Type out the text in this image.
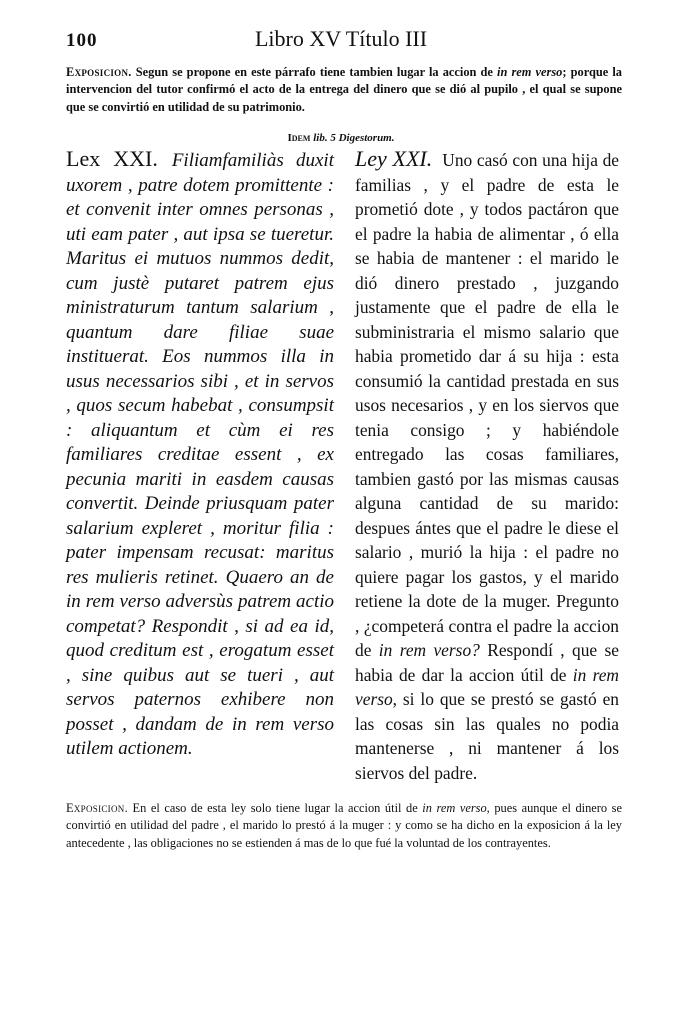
100	Libro XV Título III
Exposicion. Segun se propone en este párrafo tiene tambien lugar la accion de in rem verso; porque la intervencion del tutor confirmó el acto de la entrega del dinero que se dió al pupilo , el qual se supone que se convirtió en utilidad de su patrimonio.
Idem lib. 5 Digestorum.

Lex XXI. Filiamfamiliàs duxit uxorem , patre dotem promittente : et convenit inter omnes personas , uti eam pater , aut ipsa se tueretur. Maritus ei mutuos nummos dedit, cum justè putaret patrem ejus ministraturum tantum salarium , quantum dare filiae suae instituerat. Eos nummos illa in usus necessarios sibi , et in servos , quos secum habebat , consumpsit : aliquantum et cùm ei res familiares creditae essent , ex pecunia mariti in easdem causas convertit. Deinde priusquam pater salarium expleret , moritur filia : pater impensam recusat: maritus res mulieris retinet. Quaero an de in rem verso adversùs patrem actio competat? Respondit , si ad ea id, quod creditum est , erogatum esset , sine quibus aut se tueri , aut servos paternos exhibere non posset , dandam de in rem verso utilem actionem.

Ley XXI. Uno casó con una hija de familias , y el padre de esta le prometió dote , y todos pactáron que el padre la habia de alimentar , ó ella se habia de mantener : el marido le dió dinero prestado , juzgando justamente que el padre de ella le subministraria el mismo salario que habia prometido dar á su hija : esta consumió la cantidad prestada en sus usos necesarios , y en los siervos que tenia consigo ; y habiéndole entregado las cosas familiares, tambien gastó por las mismas causas alguna cantidad de su marido: despues ántes que el padre le diese el salario , murió la hija : el padre no quiere pagar los gastos, y el marido retiene la dote de la muger. Pregunto , ¿competerá contra el padre la accion de in rem verso? Respondí , que se habia de dar la accion útil de in rem verso, si lo que se prestó se gastó en las cosas sin las quales no podia mantenerse , ni mantener á los siervos del padre.

Exposicion. En el caso de esta ley solo tiene lugar la accion útil de in rem verso, pues aunque el dinero se convirtió en utilidad del padre , el marido lo prestó á la muger : y como se ha dicho en la exposicion á la ley antecedente , las obligaciones no se estienden á mas de lo que fué la voluntad de los contrayentes.
